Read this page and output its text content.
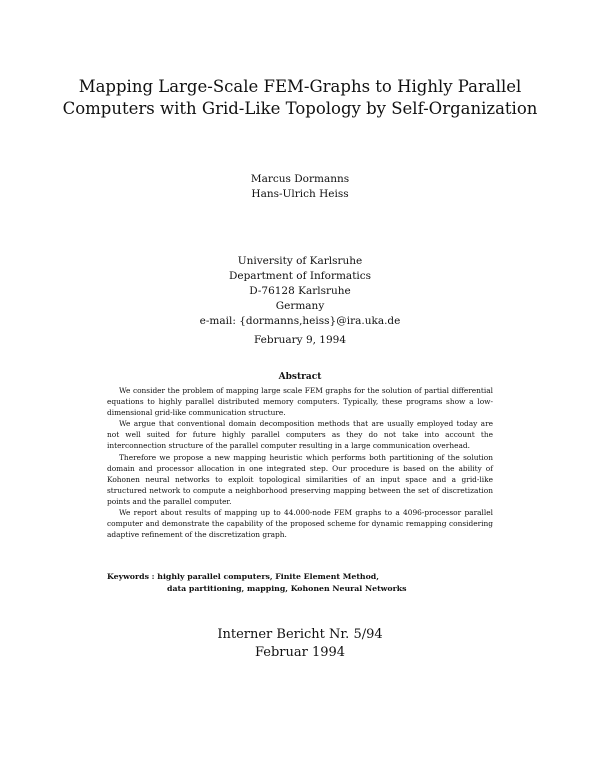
Mapping Large-Scale FEM-Graphs to Highly Parallel
Computers with Grid-Like Topology by Self-Organization
Marcus Dormanns
Hans-Ulrich Heiss
University of Karlsruhe
Department of Informatics
D-76128 Karlsruhe
Germany
e-mail: {dormanns,heiss}@ira.uka.de
February 9, 1994
Abstract

We consider the problem of mapping large scale FEM graphs for the solution of partial differential equations to highly parallel distributed memory computers. Typically, these programs show a low-dimensional grid-like communication structure.

We argue that conventional domain decomposition methods that are usually employed today are not well suited for future highly parallel computers as they do not take into account the interconnection structure of the parallel computer resulting in a large communication overhead.

Therefore we propose a new mapping heuristic which performs both partitioning of the solution domain and processor allocation in one integrated step. Our procedure is based on the ability of Kohonen neural networks to exploit topological similarities of an input space and a grid-like structured network to compute a neighborhood preserving mapping between the set of discretization points and the parallel computer.

We report about results of mapping up to 44.000-node FEM graphs to a 4096-processor parallel computer and demonstrate the capability of the proposed scheme for dynamic remapping considering adaptive refinement of the discretization graph.

Keywords : highly parallel computers, Finite Element Method,
data partitioning, mapping, Kohonen Neural Networks
Interner Bericht Nr. 5/94
Februar 1994
